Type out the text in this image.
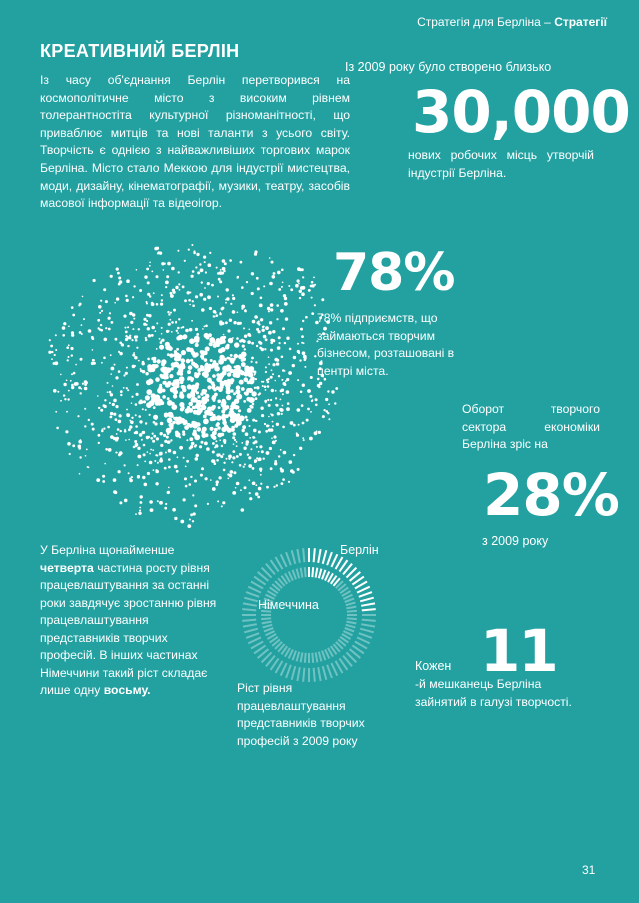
Стратегія для Берліна – Стратегії
КРЕАТИВНИЙ БЕРЛІН
Із часу об'єднання Берлін перетворився на космополітичне місто з високим рівнем толерантностіта культурної різноманітності, що приваблює митців та нові таланти з усього світу. Творчість є однією з найважливіших торгових марок Берліна. Місто стало Меккою для індустрії мистецтва, моди, дизайну, кінематографії, музики, театру, засобів масової інформації та відеоігор.
Із 2009 року було створено близько
30,000
нових робочих місць утворчій індустрії Берліна.
78%
78% підприємств, що займаються творчим бізнесом, розташовані в центрі міста.
Оборот творчого сектора економіки Берліна зріс на
28%
з 2009 року
У Берліна щонайменше четверта частина росту рівня працевлаштування за останні роки завдячує зростанню рівня працевлаштування представників творчих професій. В інших частинах Німеччини такий ріст складає лише одну восьму.
Берлін
Німеччина
Ріст рівня працевлаштування представників творчих професій з 2009 року
11
Кожен
-й мешканець Берліна зайнятий в галузі творчості.
31
